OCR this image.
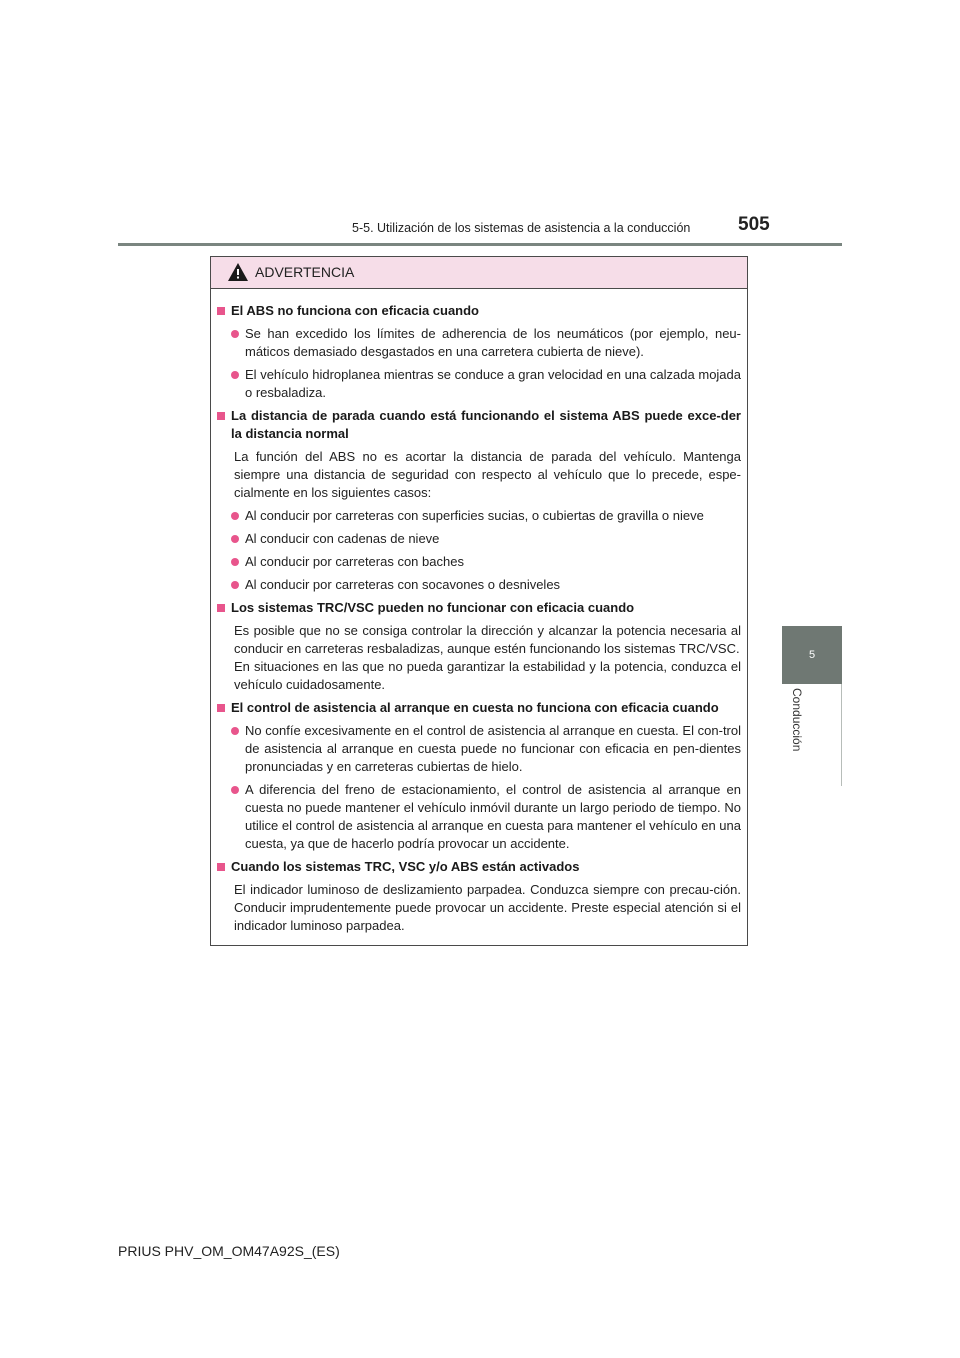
5-5. Utilización de los sistemas de asistencia a la conducción	505
5
Conducción
ADVERTENCIA
El ABS no funciona con eficacia cuando
Se han excedido los límites de adherencia de los neumáticos (por ejemplo, neu-máticos demasiado desgastados en una carretera cubierta de nieve).
El vehículo hidroplanea mientras se conduce a gran velocidad en una calzada mojada o resbaladiza.
La distancia de parada cuando está funcionando el sistema ABS puede exce-der la distancia normal
La función del ABS no es acortar la distancia de parada del vehículo. Mantenga siempre una distancia de seguridad con respecto al vehículo que lo precede, espe-cialmente en los siguientes casos:
Al conducir por carreteras con superficies sucias, o cubiertas de gravilla o nieve
Al conducir con cadenas de nieve
Al conducir por carreteras con baches
Al conducir por carreteras con socavones o desniveles
Los sistemas TRC/VSC pueden no funcionar con eficacia cuando
Es posible que no se consiga controlar la dirección y alcanzar la potencia necesaria al conducir en carreteras resbaladizas, aunque estén funcionando los sistemas TRC/VSC.
En situaciones en las que no pueda garantizar la estabilidad y la potencia, conduzca el vehículo cuidadosamente.
El control de asistencia al arranque en cuesta no funciona con eficacia cuando
No confíe excesivamente en el control de asistencia al arranque en cuesta. El con-trol de asistencia al arranque en cuesta puede no funcionar con eficacia en pen-dientes pronunciadas y en carreteras cubiertas de hielo.
A diferencia del freno de estacionamiento, el control de asistencia al arranque en cuesta no puede mantener el vehículo inmóvil durante un largo periodo de tiempo. No utilice el control de asistencia al arranque en cuesta para mantener el vehículo en una cuesta, ya que de hacerlo podría provocar un accidente.
Cuando los sistemas TRC, VSC y/o ABS están activados
El indicador luminoso de deslizamiento parpadea. Conduzca siempre con precau-ción. Conducir imprudentemente puede provocar un accidente. Preste especial atención si el indicador luminoso parpadea.
PRIUS PHV_OM_OM47A92S_(ES)
